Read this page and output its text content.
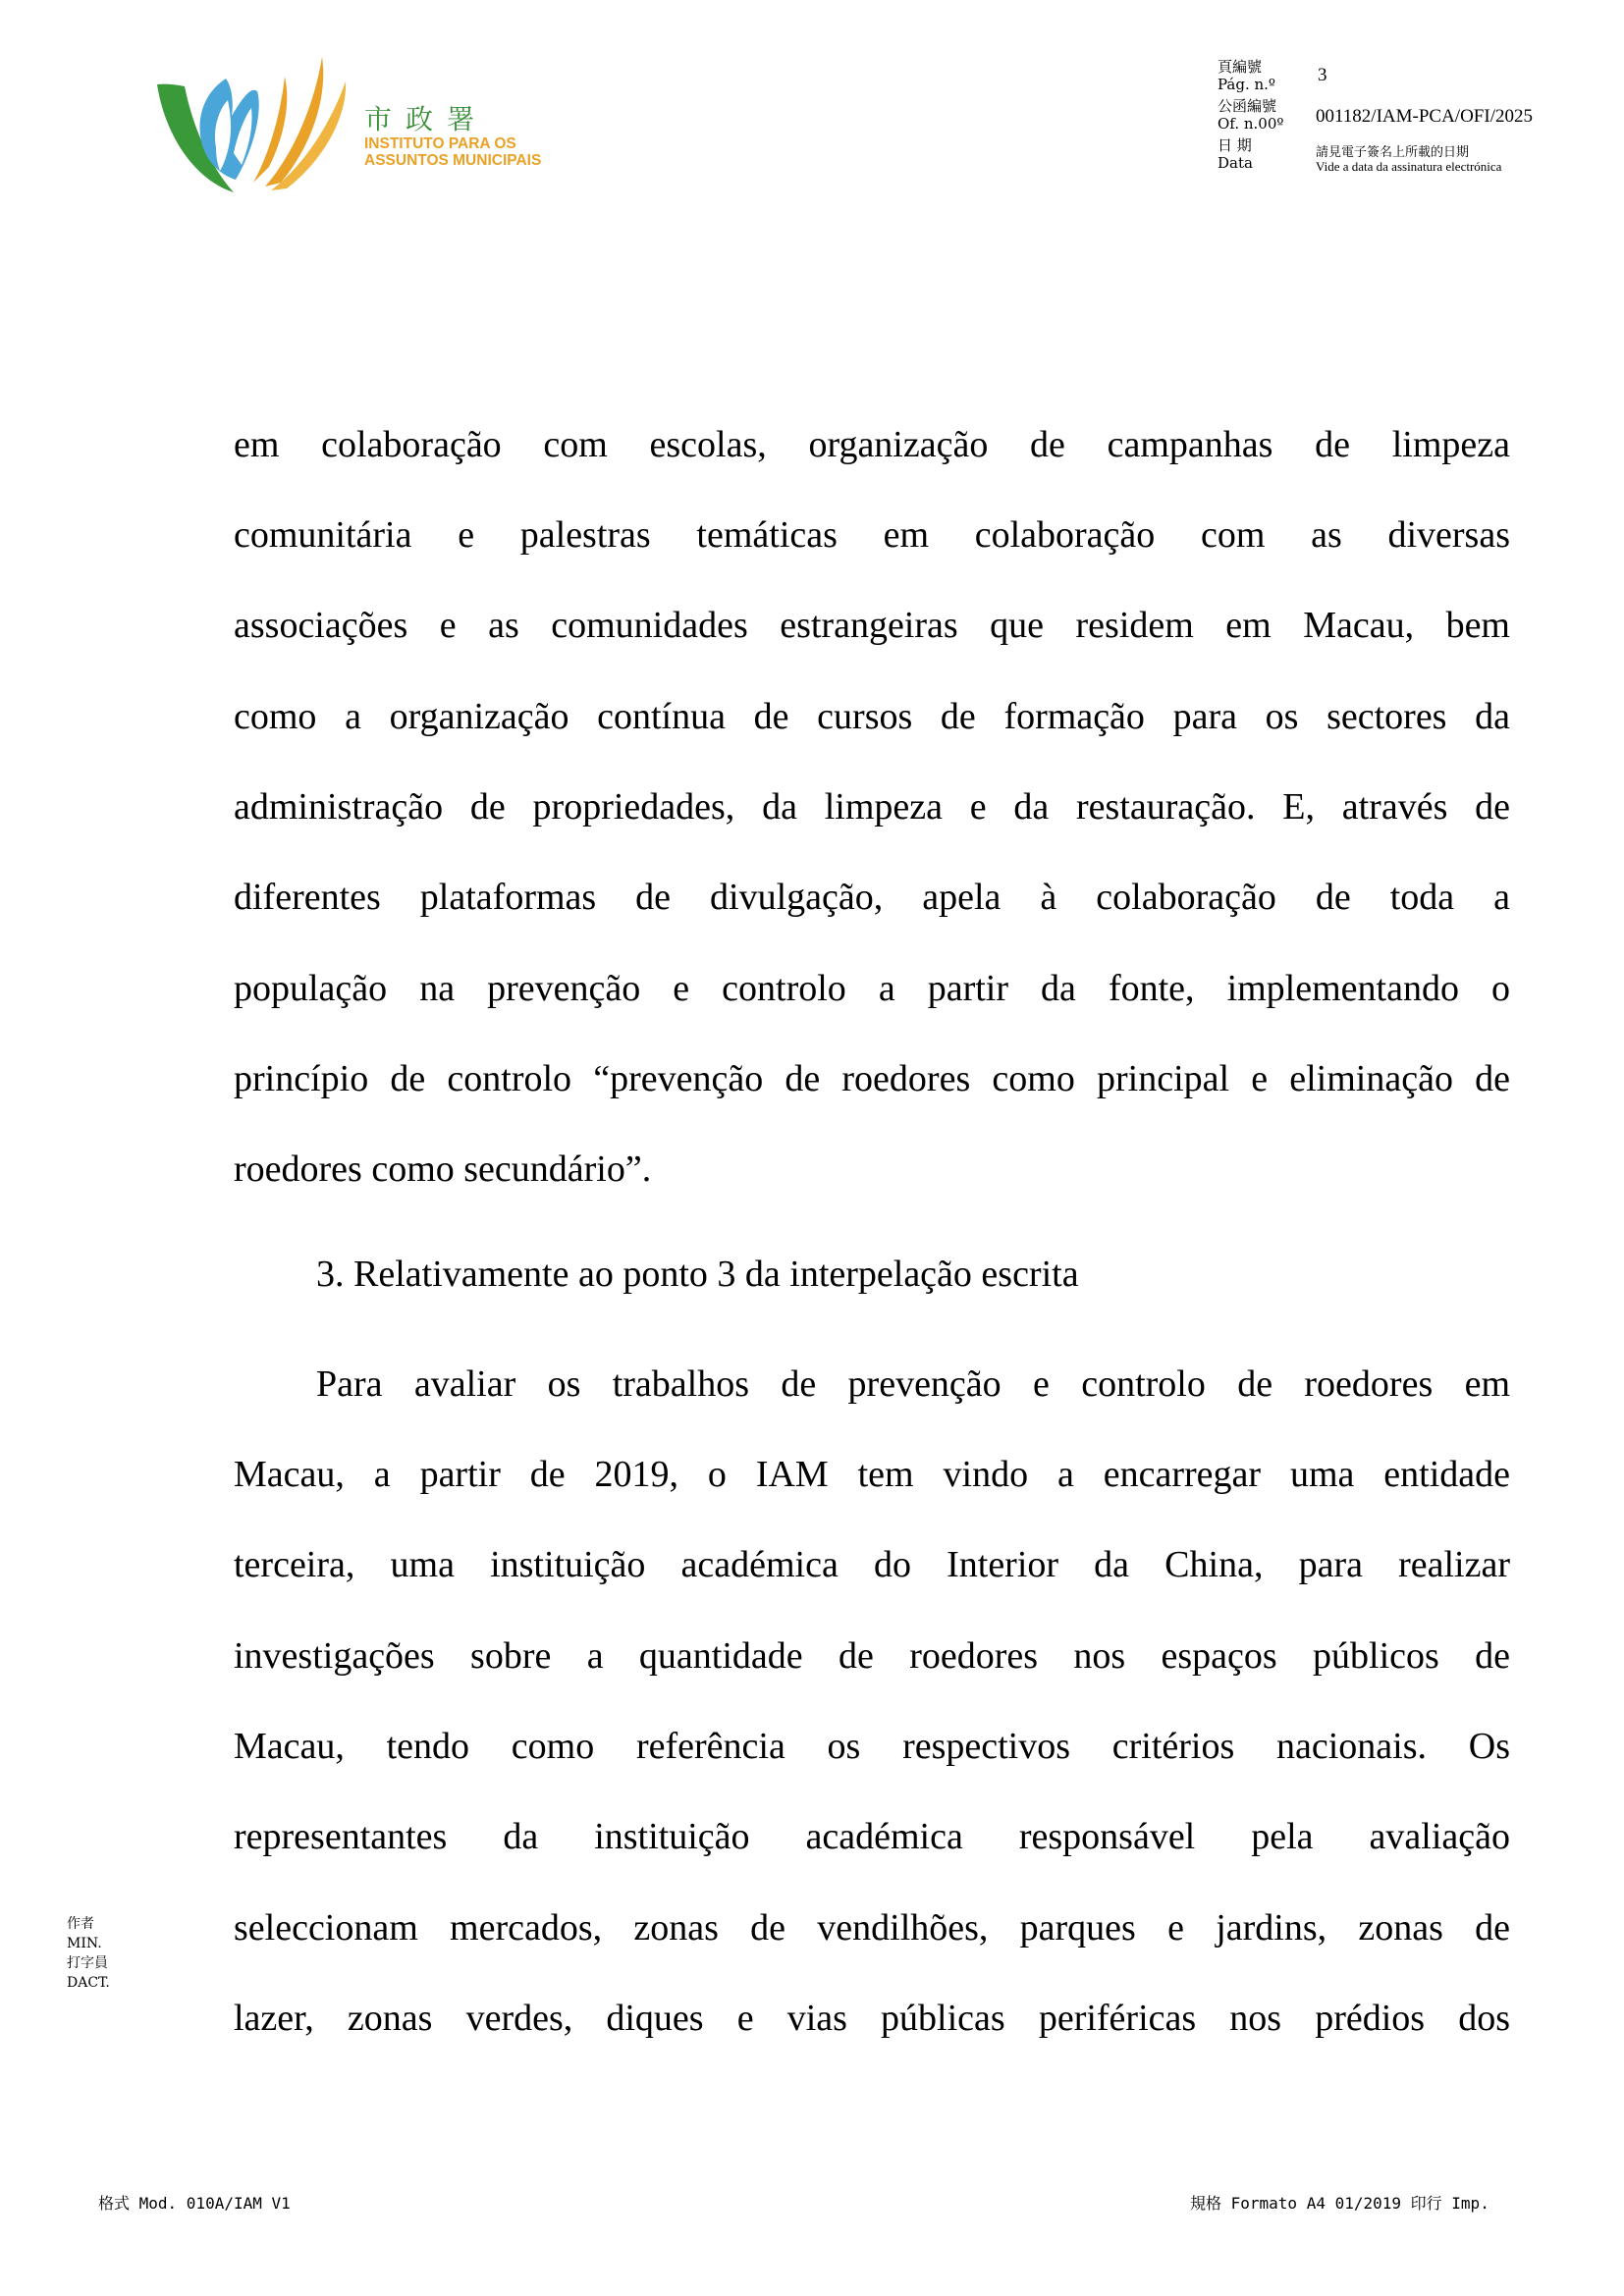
市政署
INSTITUTO PARA OS
ASSUNTOS MUNICIPAIS
頁編號
Pág. n.º 3
公函編號
Of. n.00º 001182/IAM-PCA/OFI/2025
日 期
Data
請見電子簽名上所載的日期
Vide a data da assinatura electrónica
em colaboração com escolas, organização de campanhas de limpeza
comunitária e palestras temáticas em colaboração com as diversas
associações e as comunidades estrangeiras que residem em Macau, bem
como a organização contínua de cursos de formação para os sectores da
administração de propriedades, da limpeza e da restauração. E, através de
diferentes plataformas de divulgação, apela à colaboração de toda a
população na prevenção e controlo a partir da fonte, implementando o
princípio de controlo “prevenção de roedores como principal e eliminação de
roedores como secundário”.
3. Relativamente ao ponto 3 da interpelação escrita
Para avaliar os trabalhos de prevenção e controlo de roedores em
Macau, a partir de 2019, o IAM tem vindo a encarregar uma entidade
terceira, uma instituição académica do Interior da China, para realizar
investigações sobre a quantidade de roedores nos espaços públicos de
Macau, tendo como referência os respectivos critérios nacionais. Os
representantes da instituição académica responsável pela avaliação
seleccionam mercados, zonas de vendilhões, parques e jardins, zonas de
lazer, zonas verdes, diques e vias públicas periféricas nos prédios dos
作者
MIN.
打字員
DACT.
格式 Mod. 010A/IAM V1	規格 Formato A4 01/2019 印行 Imp.
